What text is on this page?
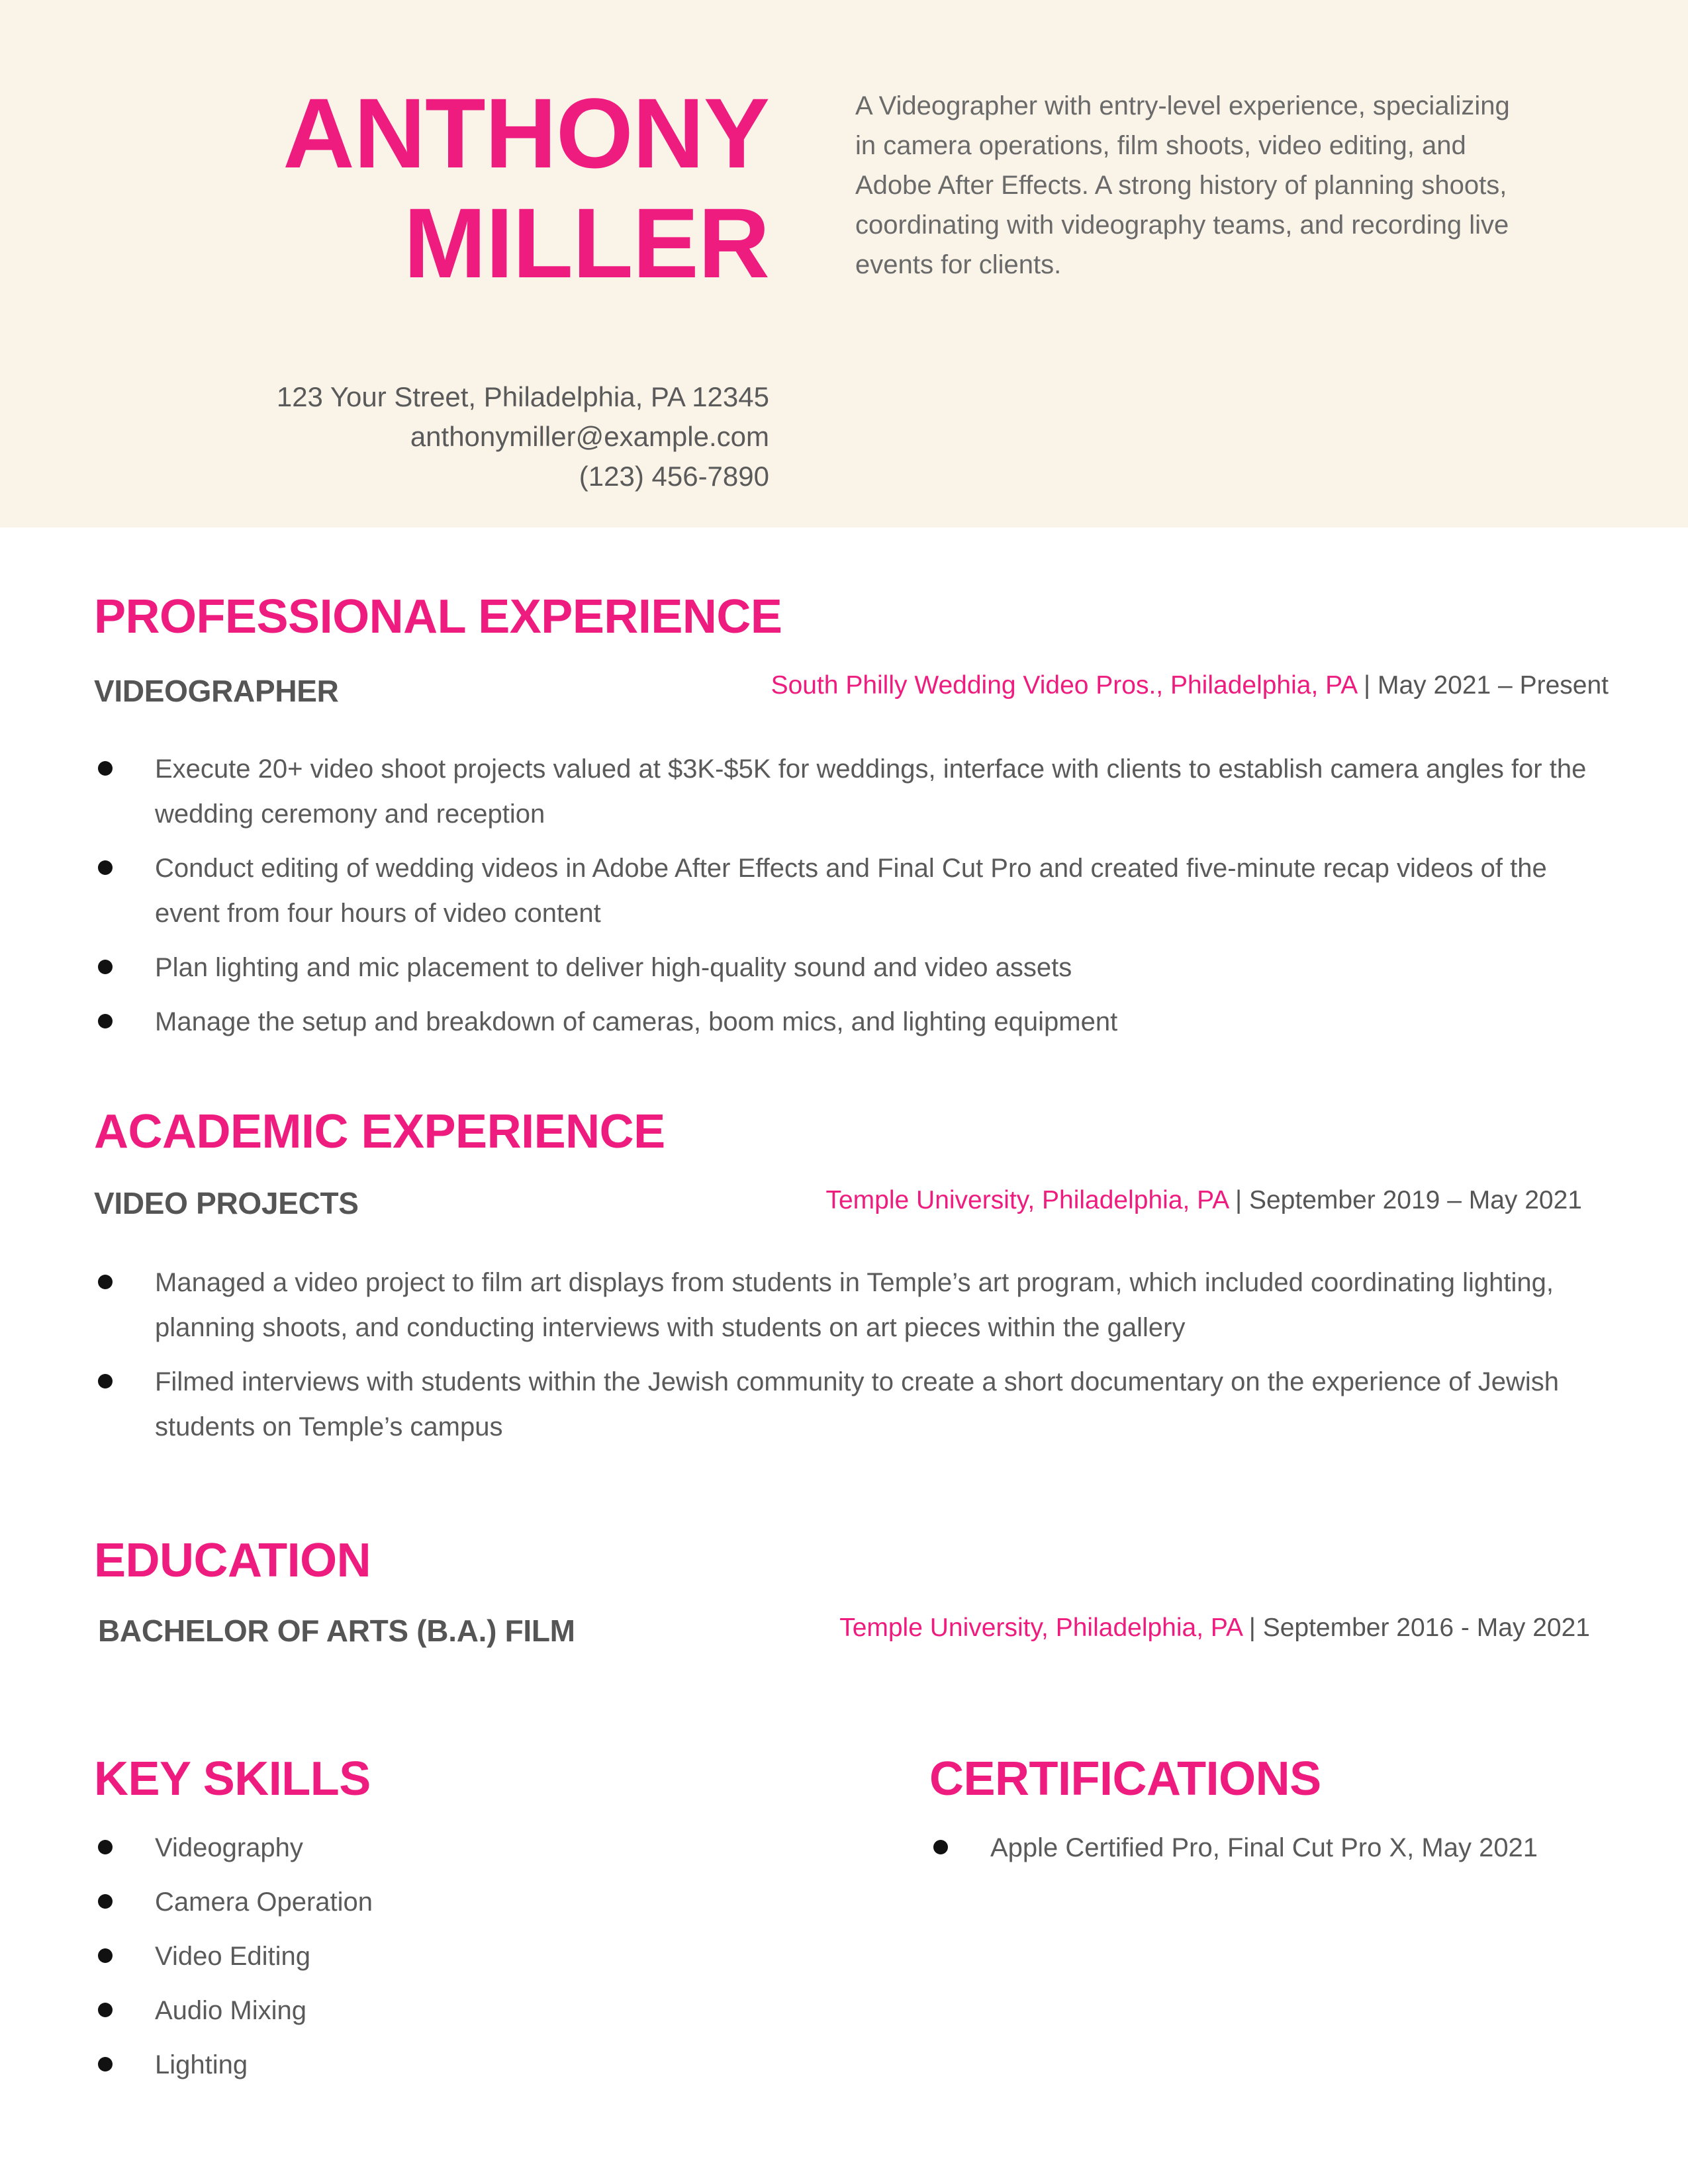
ANTHONY
MILLER
123 Your Street, Philadelphia, PA 12345
anthonymiller@example.com
(123) 456-7890
A Videographer with entry-level experience, specializing in camera operations, film shoots, video editing, and Adobe After Effects. A strong history of planning shoots, coordinating with videography teams, and recording live events for clients.
PROFESSIONAL EXPERIENCE
VIDEOGRAPHER	South Philly Wedding Video Pros., Philadelphia, PA | May 2021 – Present
Execute 20+ video shoot projects valued at $3K-$5K for weddings, interface with clients to establish camera angles for the wedding ceremony and reception
Conduct editing of wedding videos in Adobe After Effects and Final Cut Pro and created five-minute recap videos of the event from four hours of video content
Plan lighting and mic placement to deliver high-quality sound and video assets
Manage the setup and breakdown of cameras, boom mics, and lighting equipment
ACADEMIC EXPERIENCE
VIDEO PROJECTS	Temple University, Philadelphia, PA | September 2019 – May 2021
Managed a video project to film art displays from students in Temple’s art program, which included coordinating lighting, planning shoots, and conducting interviews with students on art pieces within the gallery
Filmed interviews with students within the Jewish community to create a short documentary on the experience of Jewish students on Temple’s campus
EDUCATION
BACHELOR OF ARTS (B.A.) FILM	Temple University, Philadelphia, PA | September 2016 - May 2021
KEY SKILLS
Videography
Camera Operation
Video Editing
Audio Mixing
Lighting
CERTIFICATIONS
Apple Certified Pro, Final Cut Pro X, May 2021
